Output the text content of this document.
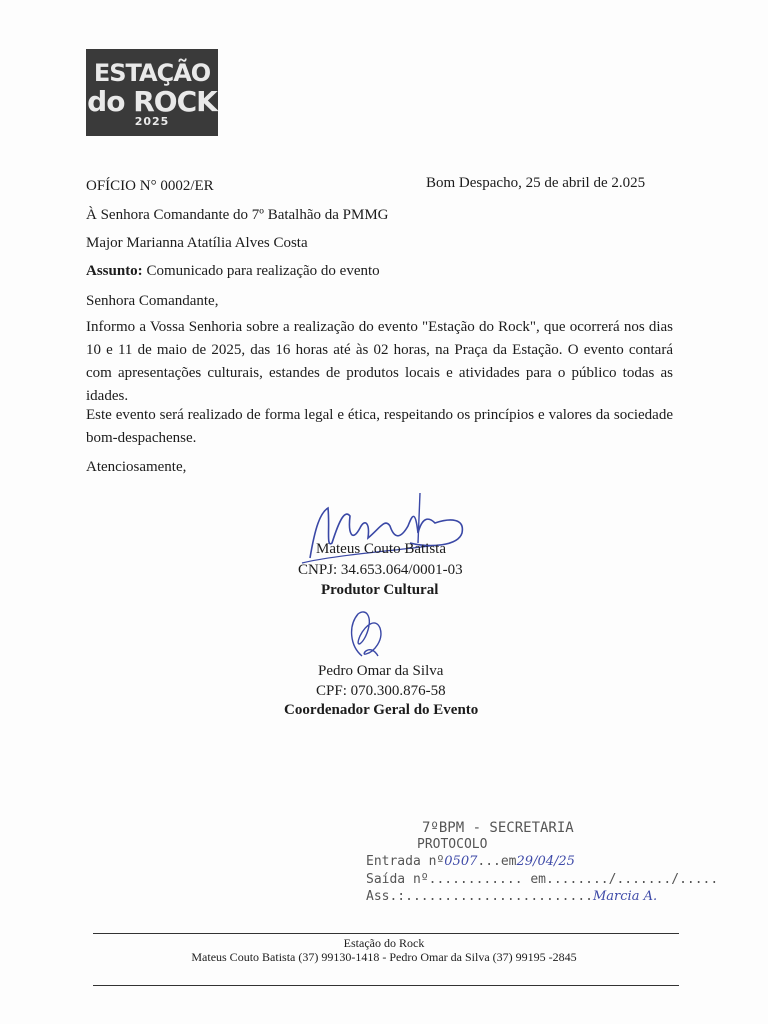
ESTAÇÃO
do ROCK
2025
OFÍCIO N° 0002/ER	Bom Despacho, 25 de abril de 2.025
À Senhora Comandante do 7º Batalhão da PMMG
Major Marianna Atatília Alves Costa
Assunto: Comunicado para realização do evento
Senhora Comandante,
Informo a Vossa Senhoria sobre a realização do evento "Estação do Rock", que ocorrerá nos dias 10 e 11 de maio de 2025, das 16 horas até às 02 horas, na Praça da Estação. O evento contará com apresentações culturais, estandes de produtos locais e atividades para o público todas as idades.
Este evento será realizado de forma legal e ética, respeitando os princípios e valores da sociedade bom-despachense.
Atenciosamente,
Mateus Couto Batista
CNPJ: 34.653.064/0001-03
Produtor Cultural
Pedro Omar da Silva
CPF: 070.300.876-58
Coordenador Geral do Evento
7ºBPM - SECRETARIA
PROTOCOLO
Entrada nº0507...em29/04/25
Saída nº............ em......../......./.....
Ass.:........................Marcia A.
Estação do Rock
Mateus Couto Batista (37) 99130-1418 - Pedro Omar da Silva (37) 99195 -2845
